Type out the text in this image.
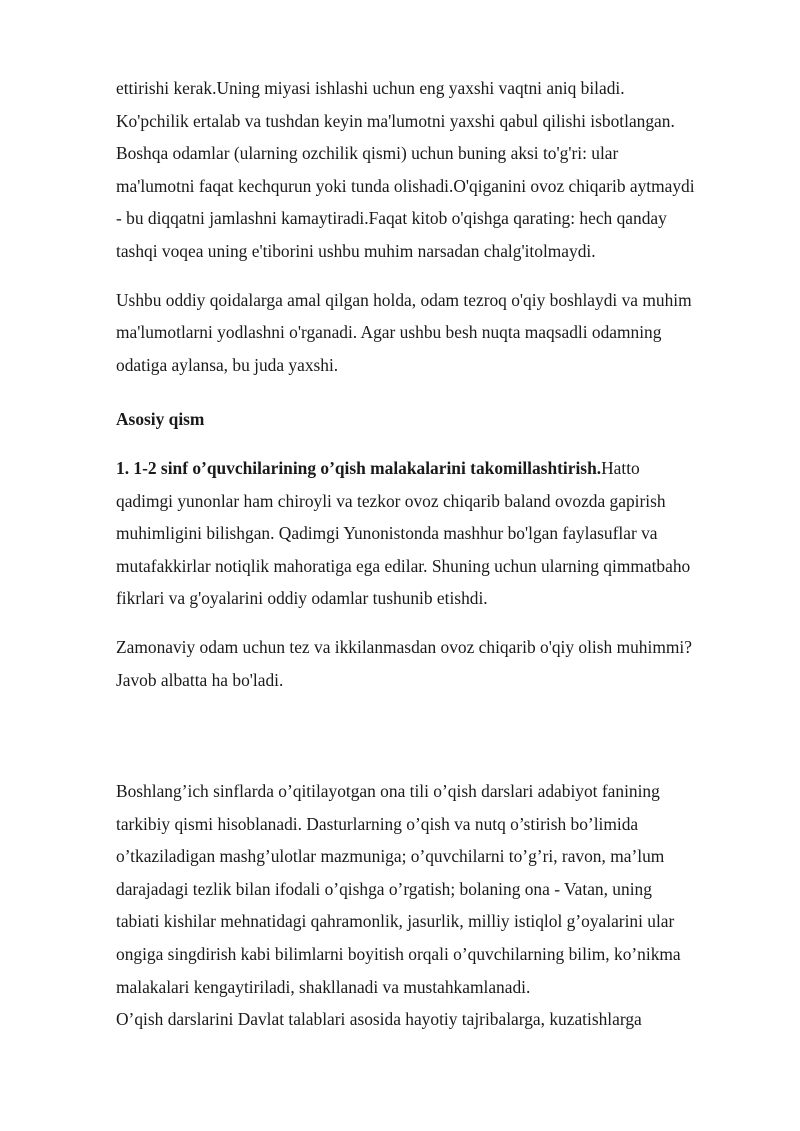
ettirishi kerak.Uning miyasi ishlashi uchun eng yaxshi vaqtni aniq biladi.
Ko'pchilik ertalab va tushdan keyin ma'lumotni yaxshi qabul qilishi isbotlangan.
Boshqa odamlar (ularning ozchilik qismi) uchun buning aksi to'g'ri: ular
ma'lumotni faqat kechqurun yoki tunda olishadi.O'qiganini ovoz chiqarib aytmaydi
- bu diqqatni jamlashni kamaytiradi.Faqat kitob o'qishga qarating: hech qanday
tashqi voqea uning e'tiborini ushbu muhim narsadan chalg'itolmaydi.
Ushbu oddiy qoidalarga amal qilgan holda, odam tezroq o'qiy boshlaydi va muhim
ma'lumotlarni yodlashni o'rganadi. Agar ushbu besh nuqta maqsadli odamning
odatiga aylansa, bu juda yaxshi.
Asosiy qism
1. 1-2 sinf o’quvchilarining o’qish malakalarini takomillashtirish.Hatto
qadimgi yunonlar ham chiroyli va tezkor ovoz chiqarib baland ovozda gapirish
muhimligini bilishgan. Qadimgi Yunonistonda mashhur bo'lgan faylasuflar va
mutafakkirlar notiqlik mahoratiga ega edilar. Shuning uchun ularning qimmatbaho
fikrlari va g'oyalarini oddiy odamlar tushunib etishdi.
Zamonaviy odam uchun tez va ikkilanmasdan ovoz chiqarib o'qiy olish muhimmi?
Javob albatta ha bo'ladi.
Boshlang’ich sinflarda o’qitilayotgan ona tili o’qish darslari adabiyot fanining
tarkibiy qismi hisoblanadi. Dasturlarning o’qish va nutq o’stirish bo’limida
o’tkaziladigan mashg’ulotlar mazmuniga; o’quvchilarni to’g’ri, ravon, ma’lum
darajadagi tezlik bilan ifodali o’qishga o’rgatish; bolaning ona - Vatan, uning
tabiati kishilar mehnatidagi qahramonlik, jasurlik, milliy istiqlol g’oyalarini ular
ongiga singdirish kabi bilimlarni boyitish orqali o’quvchilarning bilim, ko’nikma
malakalari kengaytiriladi, shakllanadi va mustahkamlanadi.
O’qish darslarini Davlat talablari asosida hayotiy tajribalarga, kuzatishlarga
